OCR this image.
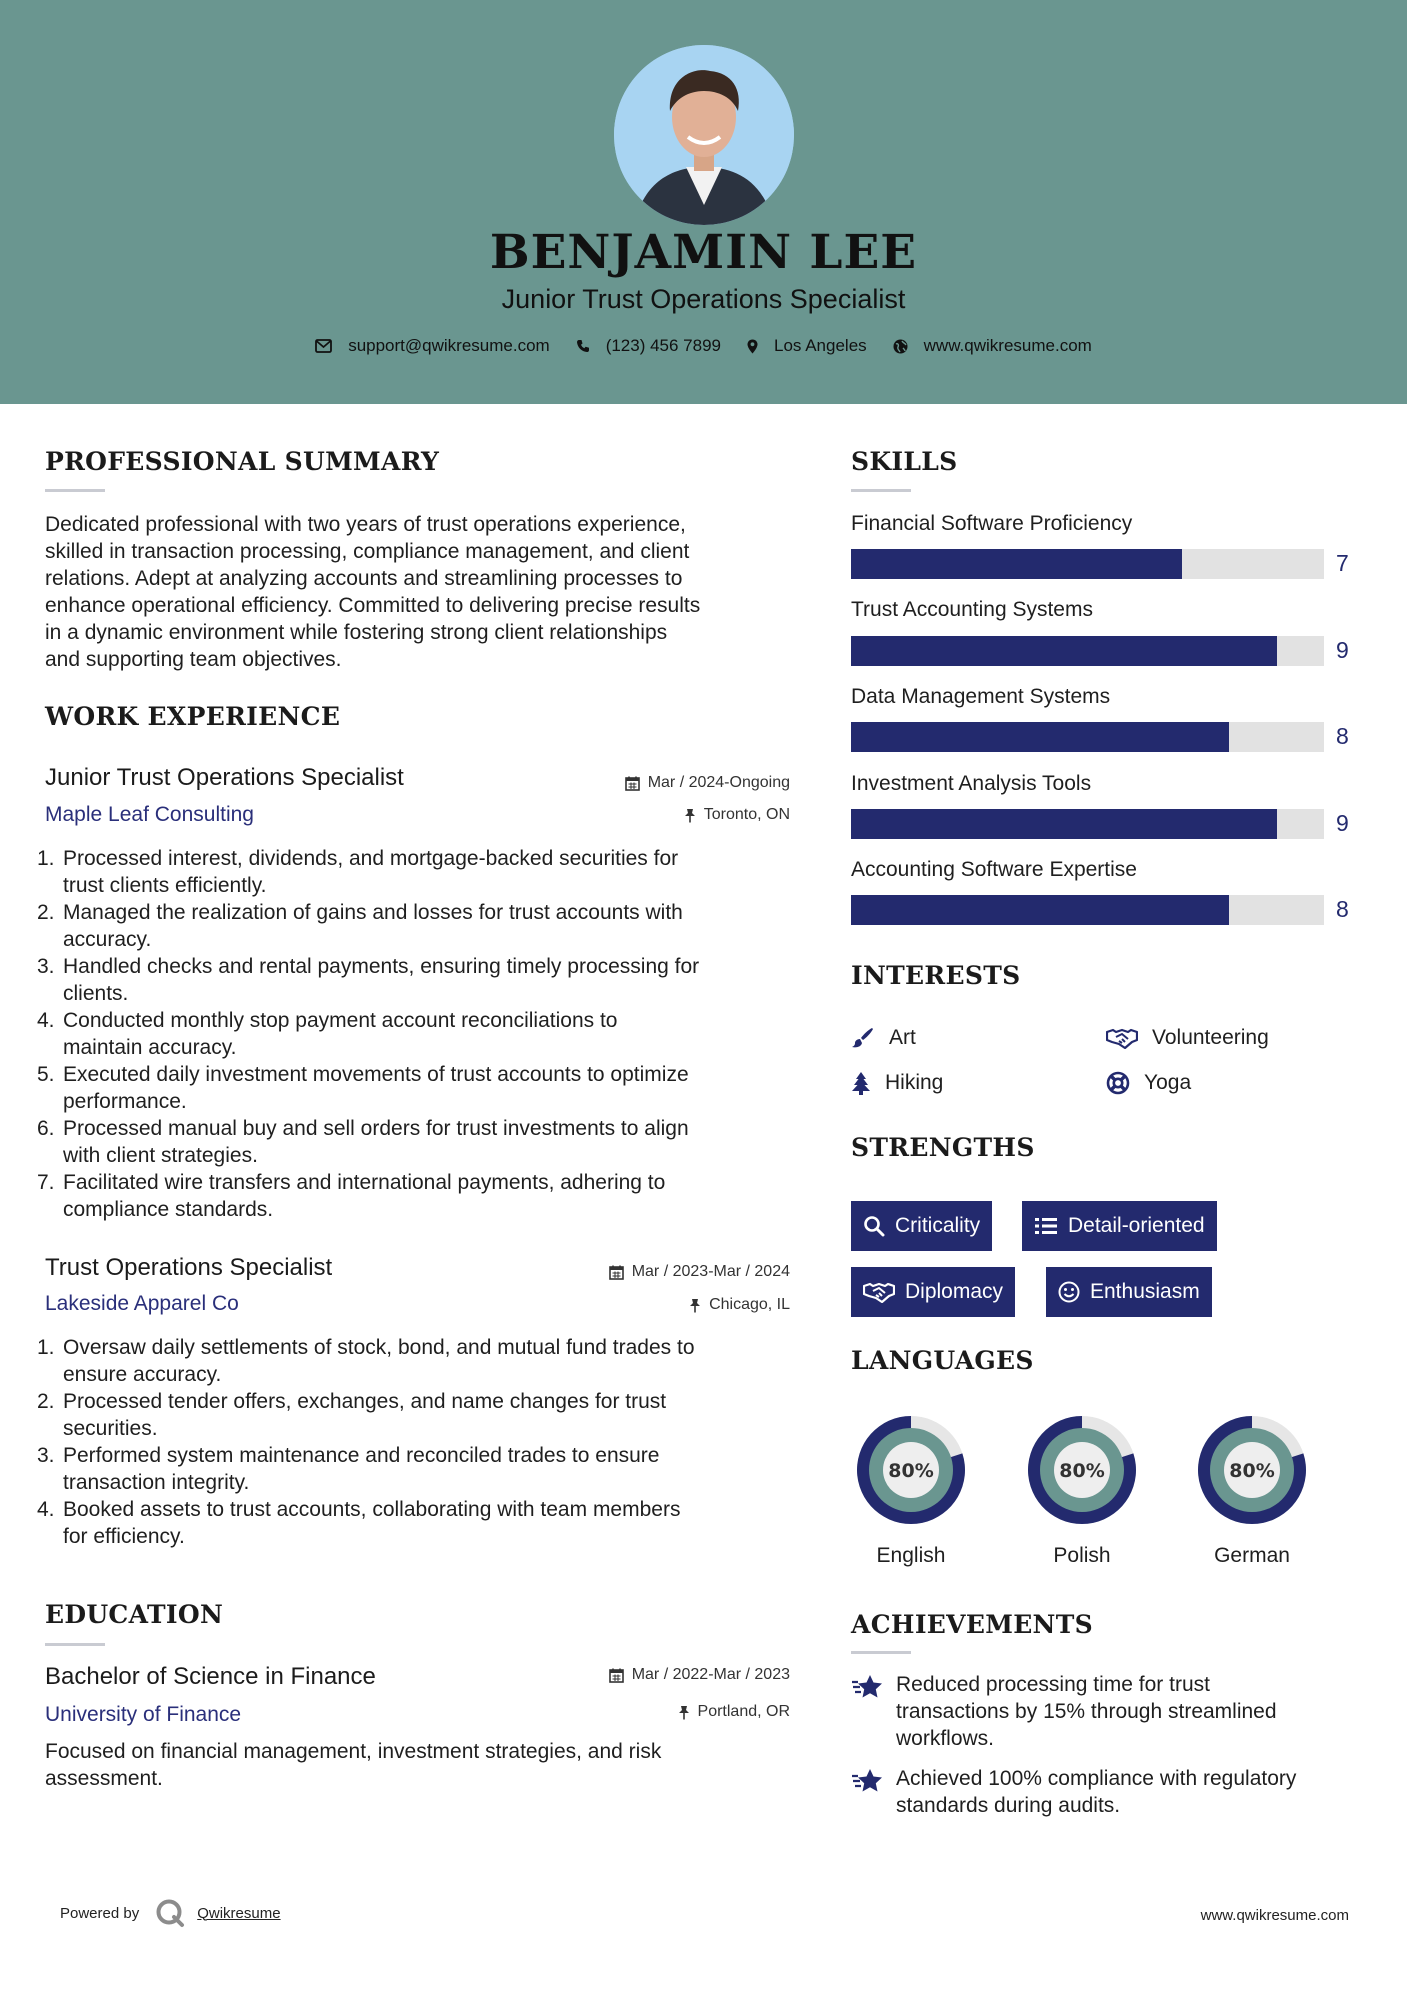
BENJAMIN LEE
Junior Trust Operations Specialist
support@qwikresume.com	(123) 456 7899	Los Angeles	www.qwikresume.com
PROFESSIONAL SUMMARY
Dedicated professional with two years of trust operations experience,
skilled in transaction processing, compliance management, and client
relations. Adept at analyzing accounts and streamlining processes to
enhance operational efficiency. Committed to delivering precise results
in a dynamic environment while fostering strong client relationships
and supporting team objectives.
WORK EXPERIENCE
Junior Trust Operations Specialist
Maple Leaf Consulting
Mar / 2024-Ongoing
Toronto, ON
1. Processed interest, dividends, and mortgage-backed securities for
trust clients efficiently.
2. Managed the realization of gains and losses for trust accounts with
accuracy.
3. Handled checks and rental payments, ensuring timely processing for
clients.
4. Conducted monthly stop payment account reconciliations to
maintain accuracy.
5. Executed daily investment movements of trust accounts to optimize
performance.
6. Processed manual buy and sell orders for trust investments to align
with client strategies.
7. Facilitated wire transfers and international payments, adhering to
compliance standards.
Trust Operations Specialist
Lakeside Apparel Co
Mar / 2023-Mar / 2024
Chicago, IL
1. Oversaw daily settlements of stock, bond, and mutual fund trades to
ensure accuracy.
2. Processed tender offers, exchanges, and name changes for trust
securities.
3. Performed system maintenance and reconciled trades to ensure
transaction integrity.
4. Booked assets to trust accounts, collaborating with team members
for efficiency.
EDUCATION
Bachelor of Science in Finance
University of Finance
Mar / 2022-Mar / 2023
Portland, OR
Focused on financial management, investment strategies, and risk
assessment.
SKILLS
Financial Software Proficiency
7
Trust Accounting Systems
9
Data Management Systems
8
Investment Analysis Tools
9
Accounting Software Expertise
8
INTERESTS
Art	Volunteering
Hiking	Yoga
STRENGTHS
Criticality	Detail-oriented
Diplomacy	Enthusiasm
LANGUAGES
80%
English
80%
Polish
80%
German
ACHIEVEMENTS
Reduced processing time for trust
transactions by 15% through streamlined
workflows.
Achieved 100% compliance with regulatory
standards during audits.
Powered by	Qwikresume	www.qwikresume.com
